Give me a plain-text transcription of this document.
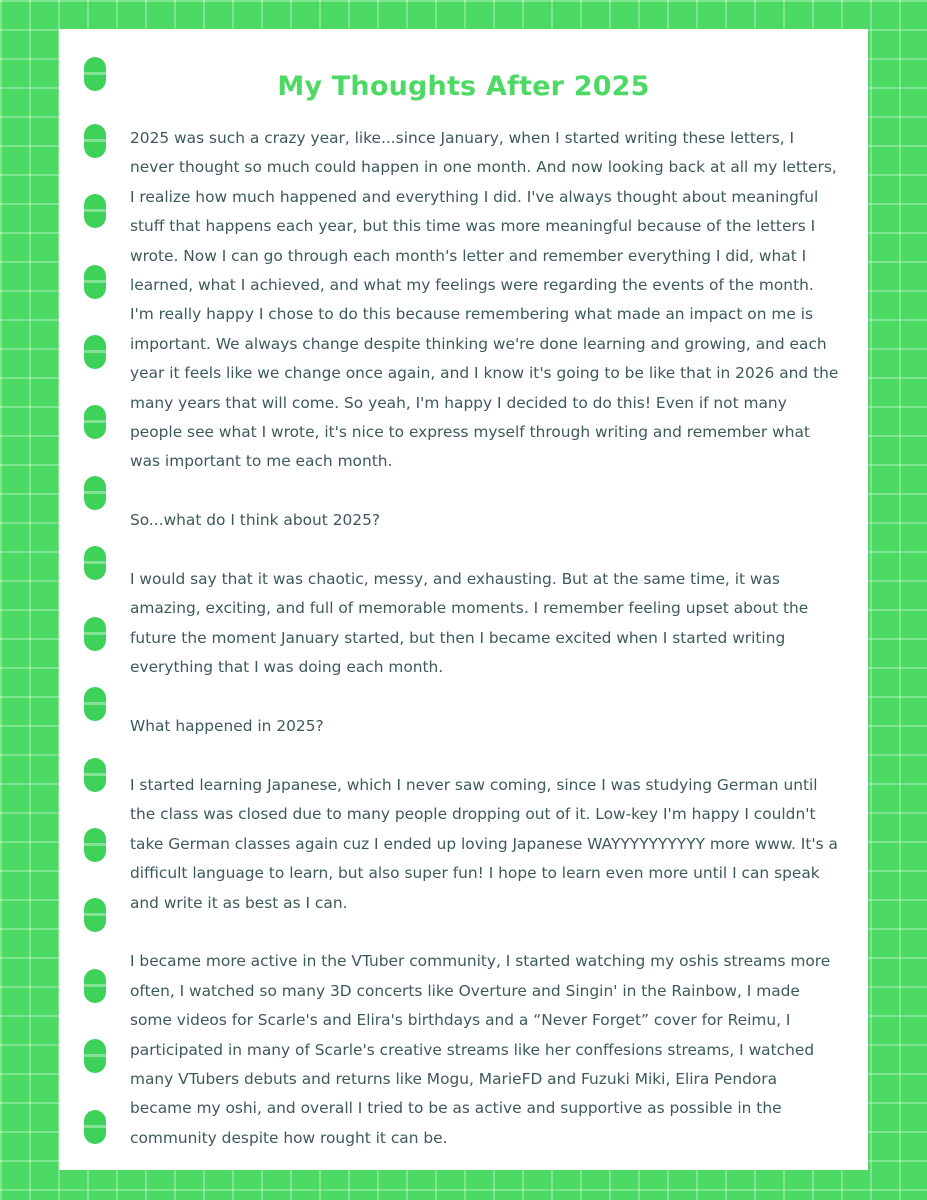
My Thoughts After 2025

2025 was such a crazy year, like...since January, when I started writing these letters, I never thought so much could happen in one month. And now looking back at all my letters, I realize how much happened and everything I did. I've always thought about meaningful stuff that happens each year, but this time was more meaningful because of the letters I wrote. Now I can go through each month's letter and remember everything I did, what I learned, what I achieved, and what my feelings were regarding the events of the month. I'm really happy I chose to do this because remembering what made an impact on me is important. We always change despite thinking we're done learning and growing, and each year it feels like we change once again, and I know it's going to be like that in 2026 and the many years that will come. So yeah, I'm happy I decided to do this! Even if not many people see what I wrote, it's nice to express myself through writing and remember what was important to me each month.

So...what do I think about 2025?

I would say that it was chaotic, messy, and exhausting. But at the same time, it was amazing, exciting, and full of memorable moments. I remember feeling upset about the future the moment January started, but then I became excited when I started writing everything that I was doing each month.

What happened in 2025?

I started learning Japanese, which I never saw coming, since I was studying German until the class was closed due to many people dropping out of it. Low-key I'm happy I couldn't take German classes again cuz I ended up loving Japanese WAYYYYYYYYYY more www. It's a difficult language to learn, but also super fun! I hope to learn even more until I can speak and write it as best as I can.

I became more active in the VTuber community, I started watching my oshis streams more often, I watched so many 3D concerts like Overture and Singin' in the Rainbow, I made some videos for Scarle's and Elira's birthdays and a “Never Forget” cover for Reimu, I participated in many of Scarle's creative streams like her conffesions streams, I watched many VTubers debuts and returns like Mogu, MarieFD and Fuzuki Miki, Elira Pendora became my oshi, and overall I tried to be as active and supportive as possible in the community despite how rought it can be.
